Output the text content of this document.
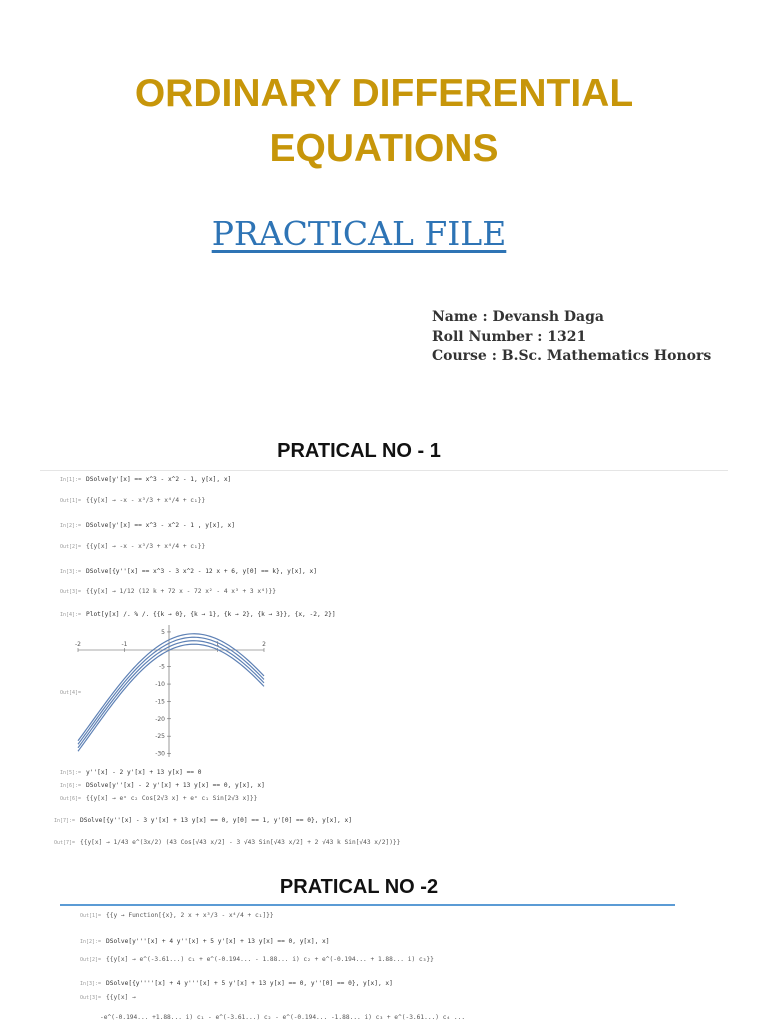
ORDINARY DIFFERENTIAL
EQUATIONS
PRACTICAL FILE
Name : Devansh Daga
Roll Number : 1321
Course : B.Sc. Mathematics Honors
PRATICAL NO - 1
In[1]:= DSolve[y'[x] == x^3 - x^2 - 1, y[x], x]
Out[1]= {{y[x] → -x - x³/3 + x⁴/4 + c₁}}
In[2]:= DSolve[y'[x] == x^3 - x^2 - 1 , y[x], x]
Out[2]= {{y[x] → -x - x³/3 + x⁴/4 + c₁}}
In[3]:= DSolve[{y''[x] == x^3 - 3 x^2 - 12 x + 6, y[0] == k}, y[x], x]
Out[3]= {{y[x] → 1/12 (12 k + 72 x - 72 x² - 4 x³ + 3 x⁴)}}
In[4]:= Plot[y[x] /. % /. {{k → 0}, {k → 1}, {k → 2}, {k → 3}}, {x, -2, 2}]
Out[4]=
-2	-1	1	2
5
-5
-10
-15
-20
-25
-30
In[5]:= y''[x] - 2 y'[x] + 13 y[x] == 0
In[6]:= DSolve[y''[x] - 2 y'[x] + 13 y[x] == 0, y[x], x]
Out[6]= {{y[x] → eˣ c₂ Cos[2√3 x] + eˣ c₁ Sin[2√3 x]}}
In[7]:= DSolve[{y''[x] - 3 y'[x] + 13 y[x] == 0, y[0] == 1, y'[0] == 0}, y[x], x]
Out[7]= {{y[x] → 1/43 e^(3x/2) (43 Cos[√43 x/2] - 3 √43 Sin[√43 x/2] + 2 √43 k Sin[√43 x/2])}}
PRATICAL NO -2
Out[1]= {{y → Function[{x}, 2 x + x³/3 - x⁴/4 + c₁]}}
In[2]:= DSolve[y'''[x] + 4 y''[x] + 5 y'[x] + 13 y[x] == 0, y[x], x]
Out[2]= {{y[x] → e^(-3.61...) c₁ + e^(-0.194... - 1.88... i) c₂ + e^(-0.194... + 1.88... i) c₃}}
In[3]:= DSolve[{y''''[x] + 4 y'''[x] + 5 y'[x] + 13 y[x] == 0, y''[0] == 0}, y[x], x]
Out[3]= {{y[x] →
-e^(-0.194... +1.88... i) c₁ - e^(-3.61...) c₂ - e^(-0.194... -1.88... i) c₃ + e^(-3.61...) c₄ ...
